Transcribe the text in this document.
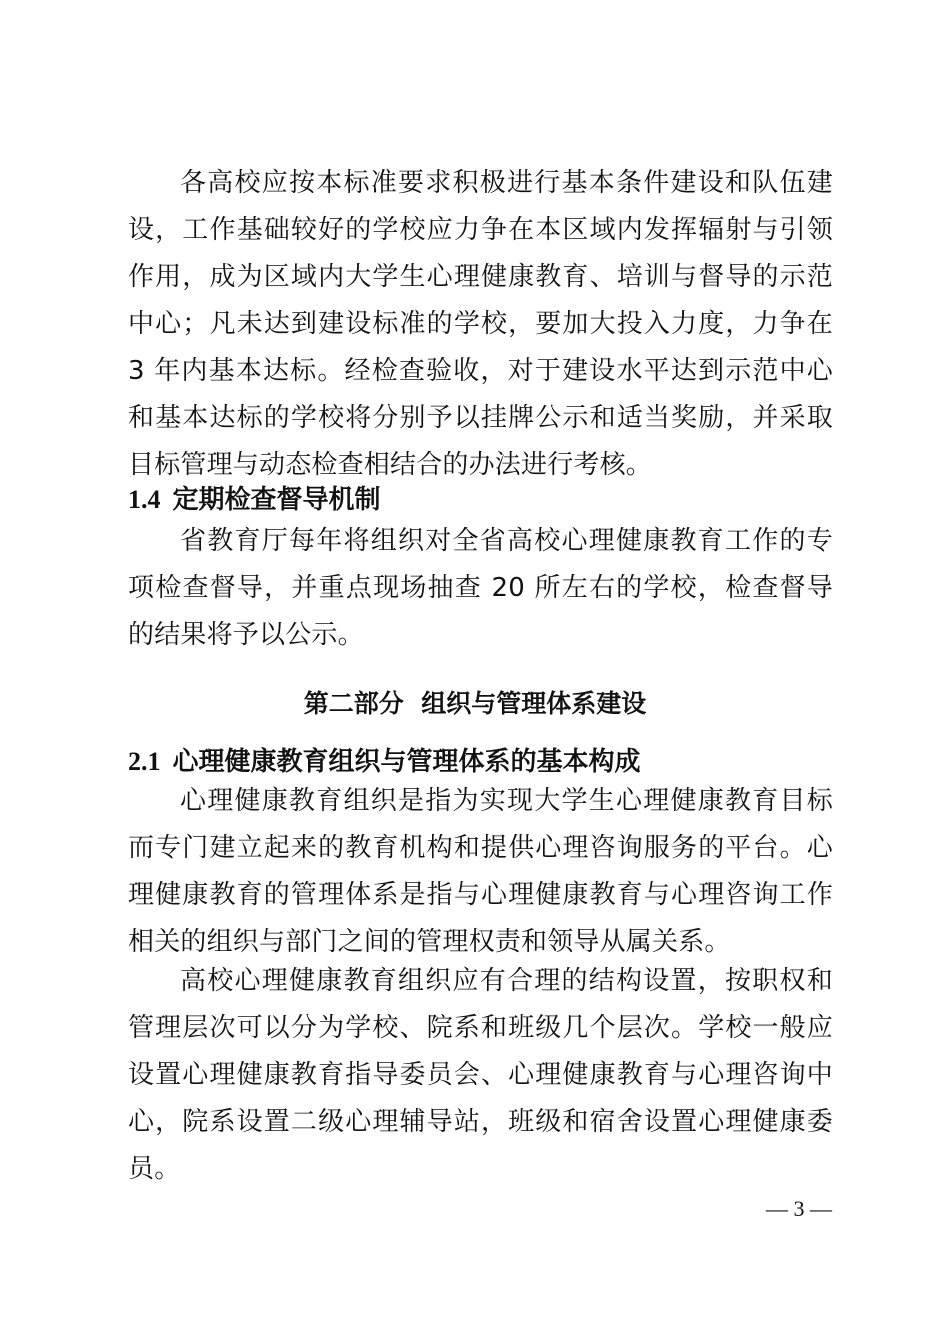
各高校应按本标准要求积极进行基本条件建设和队伍建设，工作基础较好的学校应力争在本区域内发挥辐射与引领作用，成为区域内大学生心理健康教育、培训与督导的示范中心；凡未达到建设标准的学校，要加大投入力度，力争在 3 年内基本达标。经检查验收，对于建设水平达到示范中心和基本达标的学校将分别予以挂牌公示和适当奖励，并采取目标管理与动态检查相结合的办法进行考核。

1.4 定期检查督导机制

省教育厅每年将组织对全省高校心理健康教育工作的专项检查督导，并重点现场抽查 20 所左右的学校，检查督导的结果将予以公示。

第二部分  组织与管理体系建设
2.1 心理健康教育组织与管理体系的基本构成

心理健康教育组织是指为实现大学生心理健康教育目标而专门建立起来的教育机构和提供心理咨询服务的平台。心理健康教育的管理体系是指与心理健康教育与心理咨询工作相关的组织与部门之间的管理权责和领导从属关系。

高校心理健康教育组织应有合理的结构设置，按职权和管理层次可以分为学校、院系和班级几个层次。学校一般应设置心理健康教育指导委员会、心理健康教育与心理咨询中心，院系设置二级心理辅导站，班级和宿舍设置心理健康委员。

— 3 —
